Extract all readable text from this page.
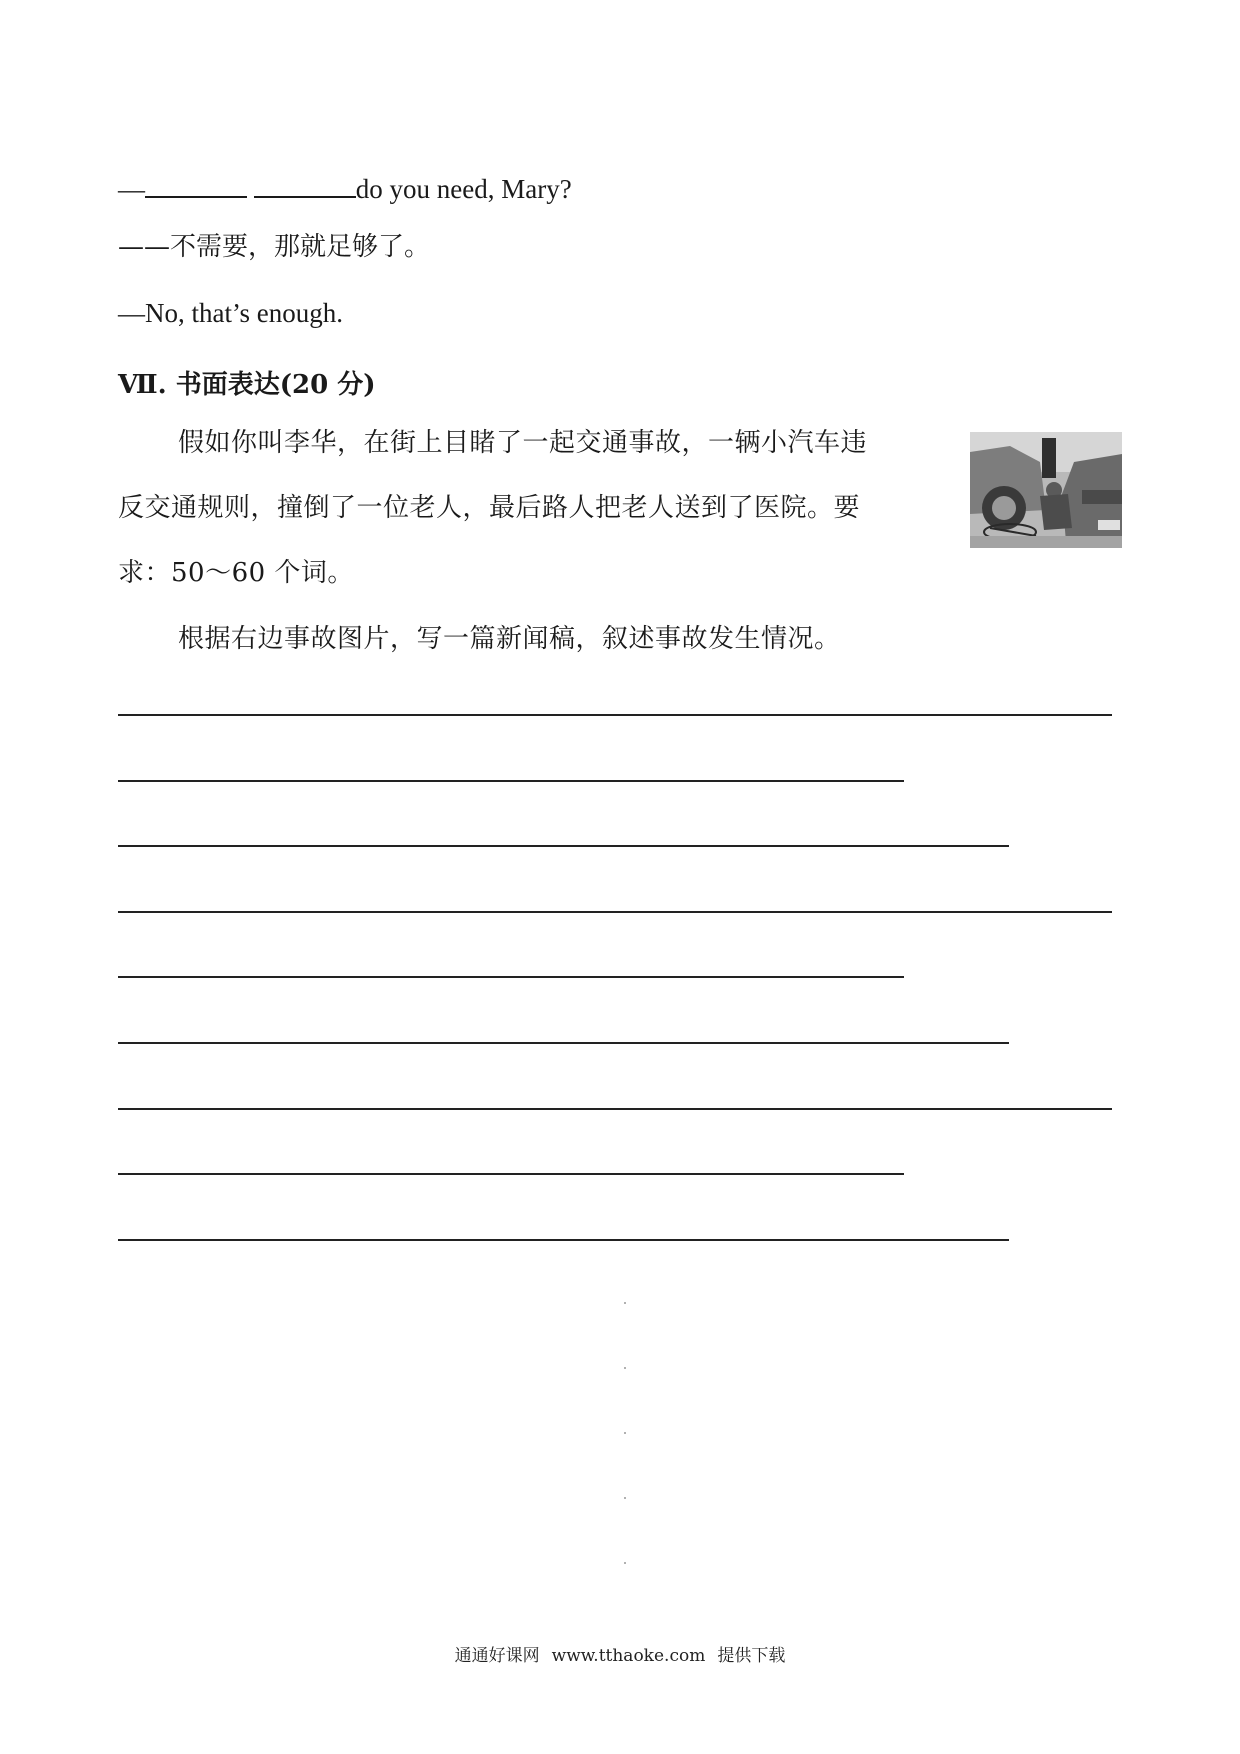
—	do you need, Mary?
——不需要，那就足够了。
—No, that’s enough.
Ⅶ. 书面表达(20 分)
假如你叫李华，在街上目睹了一起交通事故，一辆小汽车违
反交通规则，撞倒了一位老人，最后路人把老人送到了医院。要
求：50～60 个词。
根据右边事故图片，写一篇新闻稿，叙述事故发生情况。
通通好课网 www.tthaoke.com 提供下载
